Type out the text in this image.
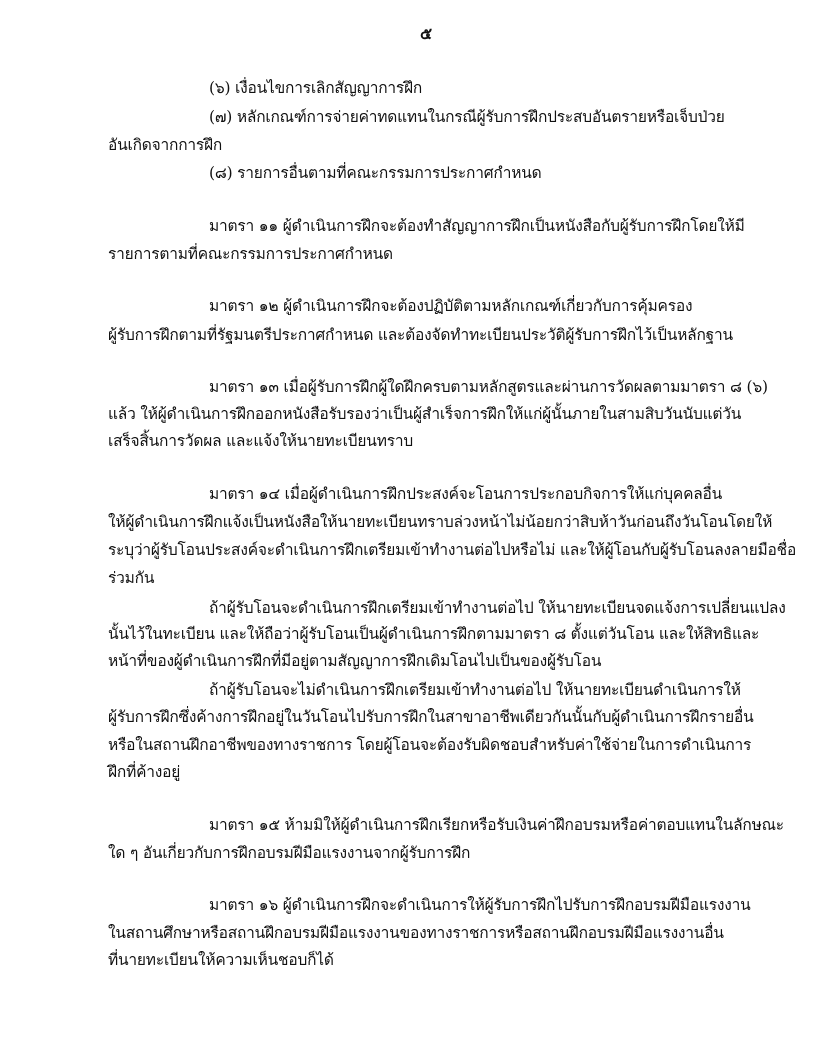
๕
(๖) เงื่อนไขการเลิกสัญญาการฝึก
(๗) หลักเกณฑ์การจ่ายค่าทดแทนในกรณีผู้รับการฝึกประสบอันตรายหรือเจ็บป่วย
อันเกิดจากการฝึก
(๘) รายการอื่นตามที่คณะกรรมการประกาศกำหนด
มาตรา ๑๑ ผู้ดำเนินการฝึกจะต้องทำสัญญาการฝึกเป็นหนังสือกับผู้รับการฝึกโดยให้มี
รายการตามที่คณะกรรมการประกาศกำหนด
มาตรา ๑๒ ผู้ดำเนินการฝึกจะต้องปฏิบัติตามหลักเกณฑ์เกี่ยวกับการคุ้มครอง
ผู้รับการฝึกตามที่รัฐมนตรีประกาศกำหนด และต้องจัดทำทะเบียนประวัติผู้รับการฝึกไว้เป็นหลักฐาน
มาตรา ๑๓ เมื่อผู้รับการฝึกผู้ใดฝึกครบตามหลักสูตรและผ่านการวัดผลตามมาตรา ๘ (๖)
แล้ว ให้ผู้ดำเนินการฝึกออกหนังสือรับรองว่าเป็นผู้สำเร็จการฝึกให้แก่ผู้นั้นภายในสามสิบวันนับแต่วัน
เสร็จสิ้นการวัดผล และแจ้งให้นายทะเบียนทราบ
มาตรา ๑๔ เมื่อผู้ดำเนินการฝึกประสงค์จะโอนการประกอบกิจการให้แก่บุคคลอื่น
ให้ผู้ดำเนินการฝึกแจ้งเป็นหนังสือให้นายทะเบียนทราบล่วงหน้าไม่น้อยกว่าสิบห้าวันก่อนถึงวันโอนโดยให้
ระบุว่าผู้รับโอนประสงค์จะดำเนินการฝึกเตรียมเข้าทำงานต่อไปหรือไม่ และให้ผู้โอนกับผู้รับโอนลงลายมือชื่อ
ร่วมกัน
ถ้าผู้รับโอนจะดำเนินการฝึกเตรียมเข้าทำงานต่อไป ให้นายทะเบียนจดแจ้งการเปลี่ยนแปลง
นั้นไว้ในทะเบียน และให้ถือว่าผู้รับโอนเป็นผู้ดำเนินการฝึกตามมาตรา ๘ ตั้งแต่วันโอน และให้สิทธิและ
หน้าที่ของผู้ดำเนินการฝึกที่มีอยู่ตามสัญญาการฝึกเดิมโอนไปเป็นของผู้รับโอน
ถ้าผู้รับโอนจะไม่ดำเนินการฝึกเตรียมเข้าทำงานต่อไป ให้นายทะเบียนดำเนินการให้
ผู้รับการฝึกซึ่งค้างการฝึกอยู่ในวันโอนไปรับการฝึกในสาขาอาชีพเดียวกันนั้นกับผู้ดำเนินการฝึกรายอื่น
หรือในสถานฝึกอาชีพของทางราชการ โดยผู้โอนจะต้องรับผิดชอบสำหรับค่าใช้จ่ายในการดำเนินการ
ฝึกที่ค้างอยู่
มาตรา ๑๕ ห้ามมิให้ผู้ดำเนินการฝึกเรียกหรือรับเงินค่าฝึกอบรมหรือค่าตอบแทนในลักษณะ
ใด ๆ อันเกี่ยวกับการฝึกอบรมฝีมือแรงงานจากผู้รับการฝึก
มาตรา ๑๖ ผู้ดำเนินการฝึกจะดำเนินการให้ผู้รับการฝึกไปรับการฝึกอบรมฝีมือแรงงาน
ในสถานศึกษาหรือสถานฝึกอบรมฝีมือแรงงานของทางราชการหรือสถานฝึกอบรมฝีมือแรงงานอื่น
ที่นายทะเบียนให้ความเห็นชอบก็ได้
